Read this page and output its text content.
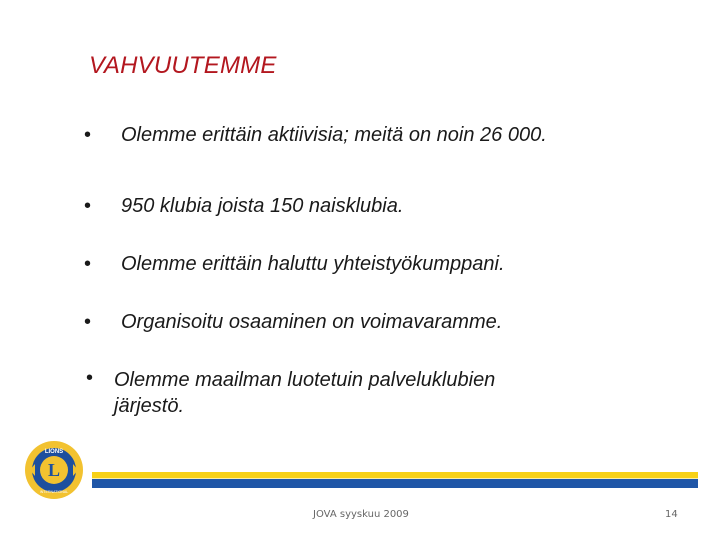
VAHVUUTEMME
• Olemme erittäin aktiivisia; meitä on noin 26 000.
• 950 klubia joista 150 naisklubia.
• Olemme erittäin haluttu yhteistyökumppani.
• Organisoitu osaaminen on voimavaramme.
• Olemme maailman luotetuin palveluklubien
järjestö.
L
LIONS
INTERNATIONAL
JOVA syyskuu 2009	14
